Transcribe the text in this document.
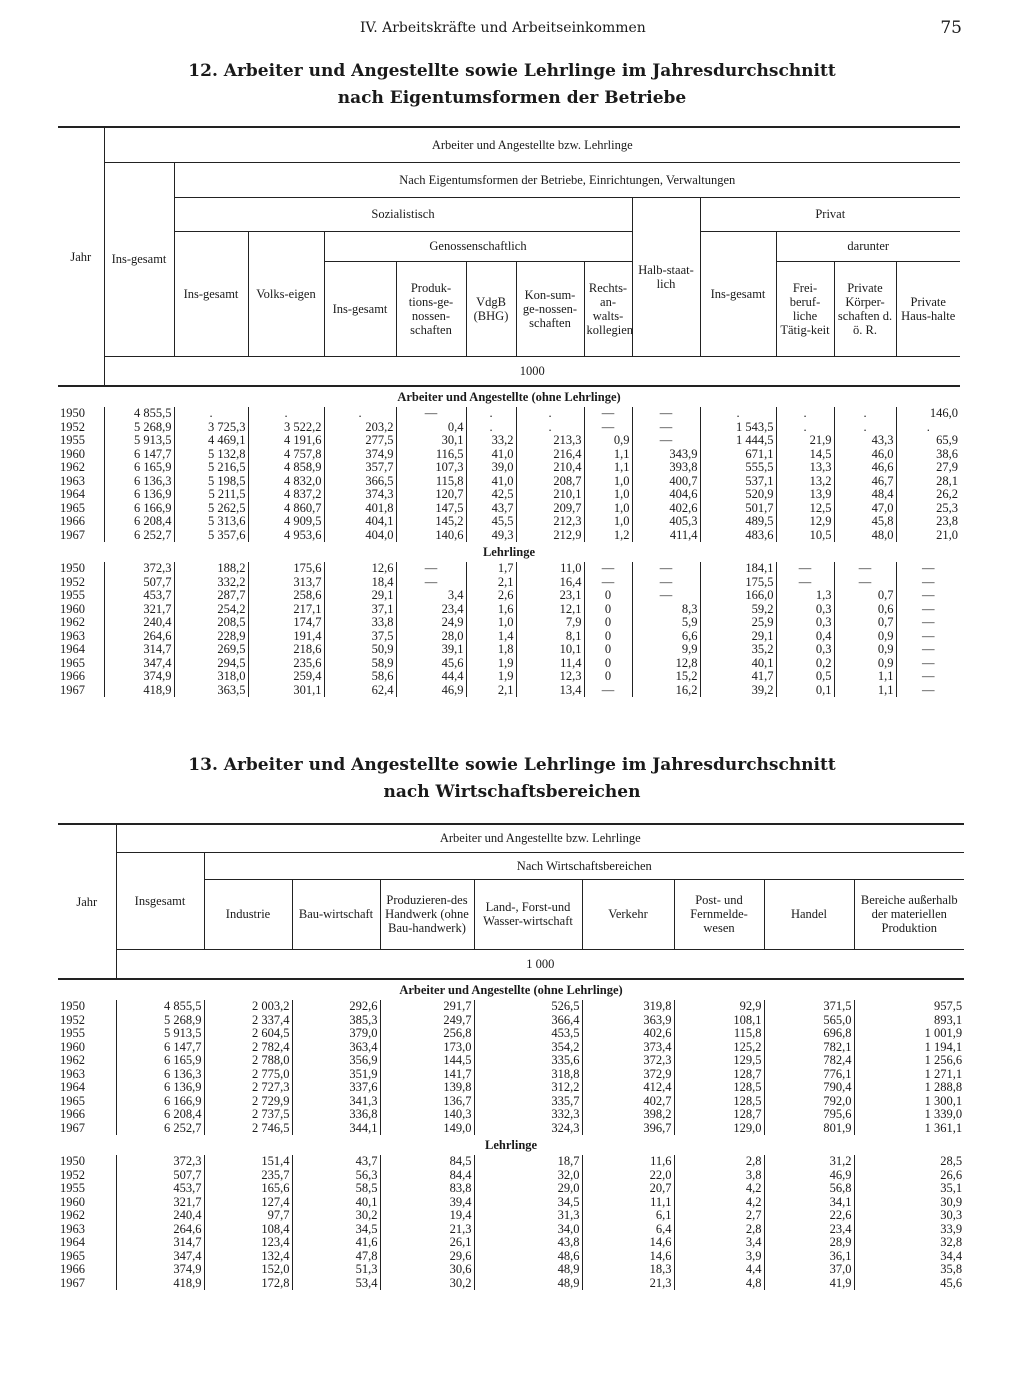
IV. Arbeitskräfte und Arbeitseinkommen	75
12. Arbeiter und Angestellte sowie Lehrlinge im Jahresdurchschnitt
nach Eigentumsformen der Betriebe
Jahr	Arbeiter und Angestellte bzw. Lehrlinge												
	Ins-gesamt	Nach Eigentumsformen der Betriebe, Einrichtungen, Verwaltungen											
		Sozialistisch							Halb-staat-lich	Privat			
		Ins-gesamt	Volks-eigen	Genossenschaftlich						Ins-gesamt	darunter		
				Ins-gesamt	Produk-tions-ge-nossen-schaften	VdgB (BHG)	Kon-sum-ge-nossen-schaften	Rechts-an-walts-kollegien			Frei-beruf-liche Tätig-keit	Private Körper-schaften d. ö. R.	Private Haus-halte
	1000												
Arbeiter und Angestellte (ohne Lehrlinge)													
1950	4 855,5	.	.	.	—	.	.	—	—	.	.	.	146,0
1952	5 268,9	3 725,3	3 522,2	203,2	0,4	.	.	—	—	1 543,5	.	.	.
1955	5 913,5	4 469,1	4 191,6	277,5	30,1	33,2	213,3	0,9	—	1 444,5	21,9	43,3	65,9
1960	6 147,7	5 132,8	4 757,8	374,9	116,5	41,0	216,4	1,1	343,9	671,1	14,5	46,0	38,6
1962	6 165,9	5 216,5	4 858,9	357,7	107,3	39,0	210,4	1,1	393,8	555,5	13,3	46,6	27,9
1963	6 136,3	5 198,5	4 832,0	366,5	115,8	41,0	208,7	1,0	400,7	537,1	13,2	46,7	28,1
1964	6 136,9	5 211,5	4 837,2	374,3	120,7	42,5	210,1	1,0	404,6	520,9	13,9	48,4	26,2
1965	6 166,9	5 262,5	4 860,7	401,8	147,5	43,7	209,7	1,0	402,6	501,7	12,5	47,0	25,3
1966	6 208,4	5 313,6	4 909,5	404,1	145,2	45,5	212,3	1,0	405,3	489,5	12,9	45,8	23,8
1967	6 252,7	5 357,6	4 953,6	404,0	140,6	49,3	212,9	1,2	411,4	483,6	10,5	48,0	21,0
Lehrlinge													
1950	372,3	188,2	175,6	12,6	—	1,7	11,0	—	—	184,1	—	—	—
1952	507,7	332,2	313,7	18,4	—	2,1	16,4	—	—	175,5	—	—	—
1955	453,7	287,7	258,6	29,1	3,4	2,6	23,1	0	—	166,0	1,3	0,7	—
1960	321,7	254,2	217,1	37,1	23,4	1,6	12,1	0	8,3	59,2	0,3	0,6	—
1962	240,4	208,5	174,7	33,8	24,9	1,0	7,9	0	5,9	25,9	0,3	0,7	—
1963	264,6	228,9	191,4	37,5	28,0	1,4	8,1	0	6,6	29,1	0,4	0,9	—
1964	314,7	269,5	218,6	50,9	39,1	1,8	10,1	0	9,9	35,2	0,3	0,9	—
1965	347,4	294,5	235,6	58,9	45,6	1,9	11,4	0	12,8	40,1	0,2	0,9	—
1966	374,9	318,0	259,4	58,6	44,4	1,9	12,3	0	15,2	41,7	0,5	1,1	—
1967	418,9	363,5	301,1	62,4	46,9	2,1	13,4	—	16,2	39,2	0,1	1,1	—
13. Arbeiter und Angestellte sowie Lehrlinge im Jahresdurchschnitt
nach Wirtschaftsbereichen
Jahr	Arbeiter und Angestellte bzw. Lehrlinge								
	Insgesamt	Nach Wirtschaftsbereichen							
		Industrie	Bau-wirtschaft	Produzieren-des Handwerk (ohne Bau-handwerk)	Land-, Forst-und Wasser-wirtschaft	Verkehr	Post- und Fernmelde-wesen	Handel	Bereiche außerhalb der materiellen Produktion
	1 000								
Arbeiter und Angestellte (ohne Lehrlinge)									
1950	4 855,5	2 003,2	292,6	291,7	526,5	319,8	92,9	371,5	957,5
1952	5 268,9	2 337,4	385,3	249,7	366,4	363,9	108,1	565,0	893,1
1955	5 913,5	2 604,5	379,0	256,8	453,5	402,6	115,8	696,8	1 001,9
1960	6 147,7	2 782,4	363,4	173,0	354,2	373,4	125,2	782,1	1 194,1
1962	6 165,9	2 788,0	356,9	144,5	335,6	372,3	129,5	782,4	1 256,6
1963	6 136,3	2 775,0	351,9	141,7	318,8	372,9	128,7	776,1	1 271,1
1964	6 136,9	2 727,3	337,6	139,8	312,2	412,4	128,5	790,4	1 288,8
1965	6 166,9	2 729,9	341,3	136,7	335,7	402,7	128,5	792,0	1 300,1
1966	6 208,4	2 737,5	336,8	140,3	332,3	398,2	128,7	795,6	1 339,0
1967	6 252,7	2 746,5	344,1	149,0	324,3	396,7	129,0	801,9	1 361,1
Lehrlinge									
1950	372,3	151,4	43,7	84,5	18,7	11,6	2,8	31,2	28,5
1952	507,7	235,7	56,3	84,4	32,0	22,0	3,8	46,9	26,6
1955	453,7	165,6	58,5	83,8	29,0	20,7	4,2	56,8	35,1
1960	321,7	127,4	40,1	39,4	34,5	11,1	4,2	34,1	30,9
1962	240,4	97,7	30,2	19,4	31,3	6,1	2,7	22,6	30,3
1963	264,6	108,4	34,5	21,3	34,0	6,4	2,8	23,4	33,9
1964	314,7	123,4	41,6	26,1	43,8	14,6	3,4	28,9	32,8
1965	347,4	132,4	47,8	29,6	48,6	14,6	3,9	36,1	34,4
1966	374,9	152,0	51,3	30,6	48,9	18,3	4,4	37,0	35,8
1967	418,9	172,8	53,4	30,2	48,9	21,3	4,8	41,9	45,6
